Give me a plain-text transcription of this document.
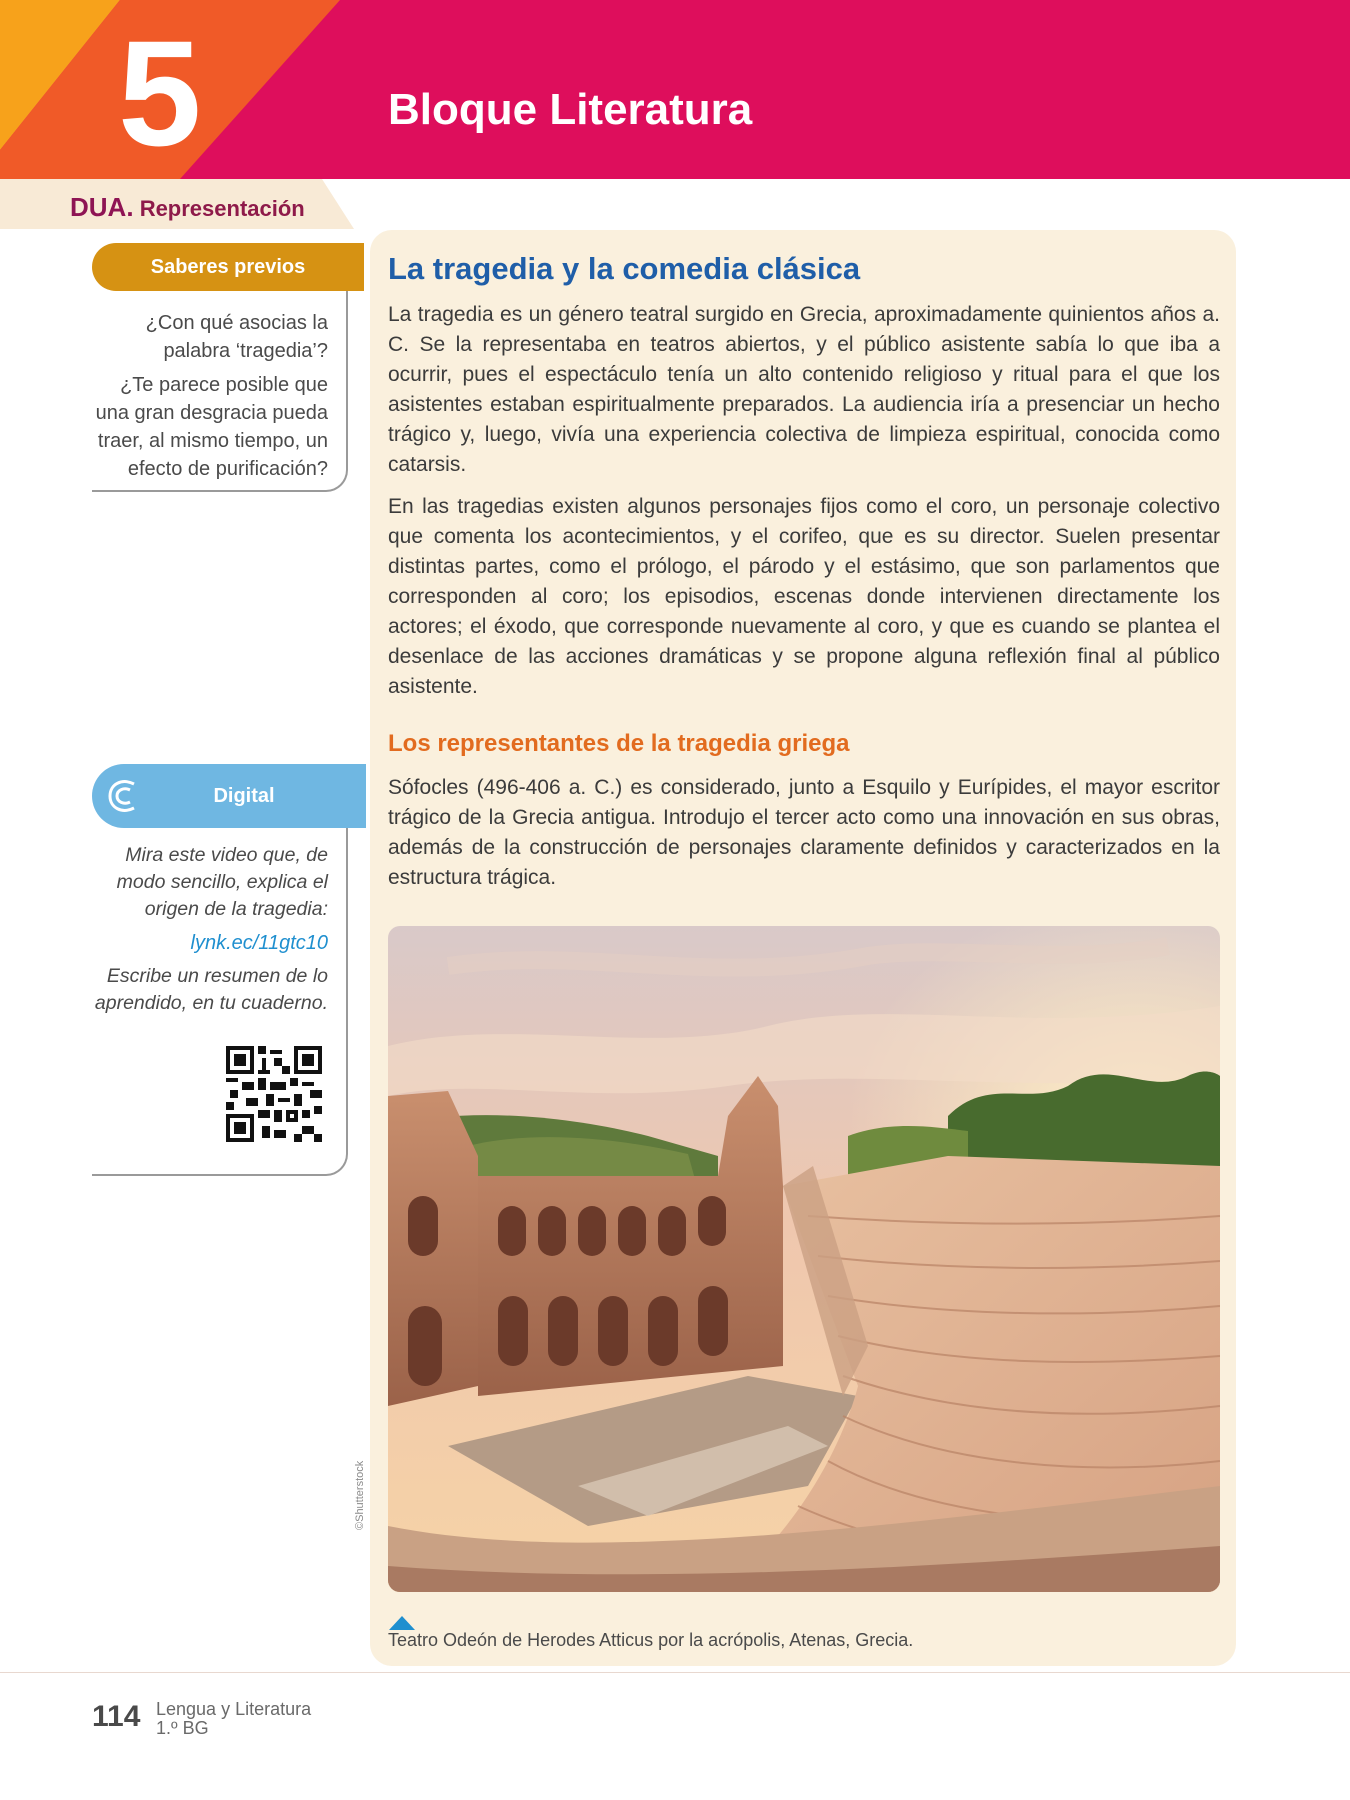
5	Bloque Literatura
DUA. Representación
Saberes previos

¿Con qué asocias la palabra ‘tragedia’?

¿Te parece posible que una gran desgracia pueda traer, al mismo tiempo, un efecto de purificación?

Digital

Mira este video que, de modo sencillo, explica el origen de la tragedia:

lynk.ec/11gtc10

Escribe un resumen de lo aprendido, en tu cuaderno.

La tragedia y la comedia clásica

La tragedia es un género teatral surgido en Grecia, aproximadamente quinientos años a. C. Se la representaba en teatros abiertos, y el público asistente sabía lo que iba a ocurrir, pues el espectáculo tenía un alto contenido religioso y ritual para el que los asistentes estaban espiritualmente preparados. La audiencia iría a presenciar un hecho trágico y, luego, vivía una experiencia colectiva de limpieza espiritual, conocida como catarsis.

En las tragedias existen algunos personajes fijos como el coro, un personaje colectivo que comenta los acontecimientos, y el corifeo, que es su director. Suelen presentar distintas partes, como el prólogo, el párodo y el estásimo, que son parlamentos que corresponden al coro; los episodios, escenas donde intervienen directamente los actores; el éxodo, que corresponde nuevamente al coro, y que es cuando se plantea el desenlace de las acciones dramáticas y se propone alguna reflexión final al público asistente.

Los representantes de la tragedia griega

Sófocles (496-406 a. C.) es considerado, junto a Esquilo y Eurípides, el mayor escritor trágico de la Grecia antigua. Introdujo el tercer acto como una innovación en sus obras, además de la construcción de personajes claramente definidos y caracterizados en la estructura trágica.

©Shutterstock
Teatro Odeón de Herodes Atticus por la acrópolis, Atenas, Grecia.
114 Lengua y Literatura
1.º BG
